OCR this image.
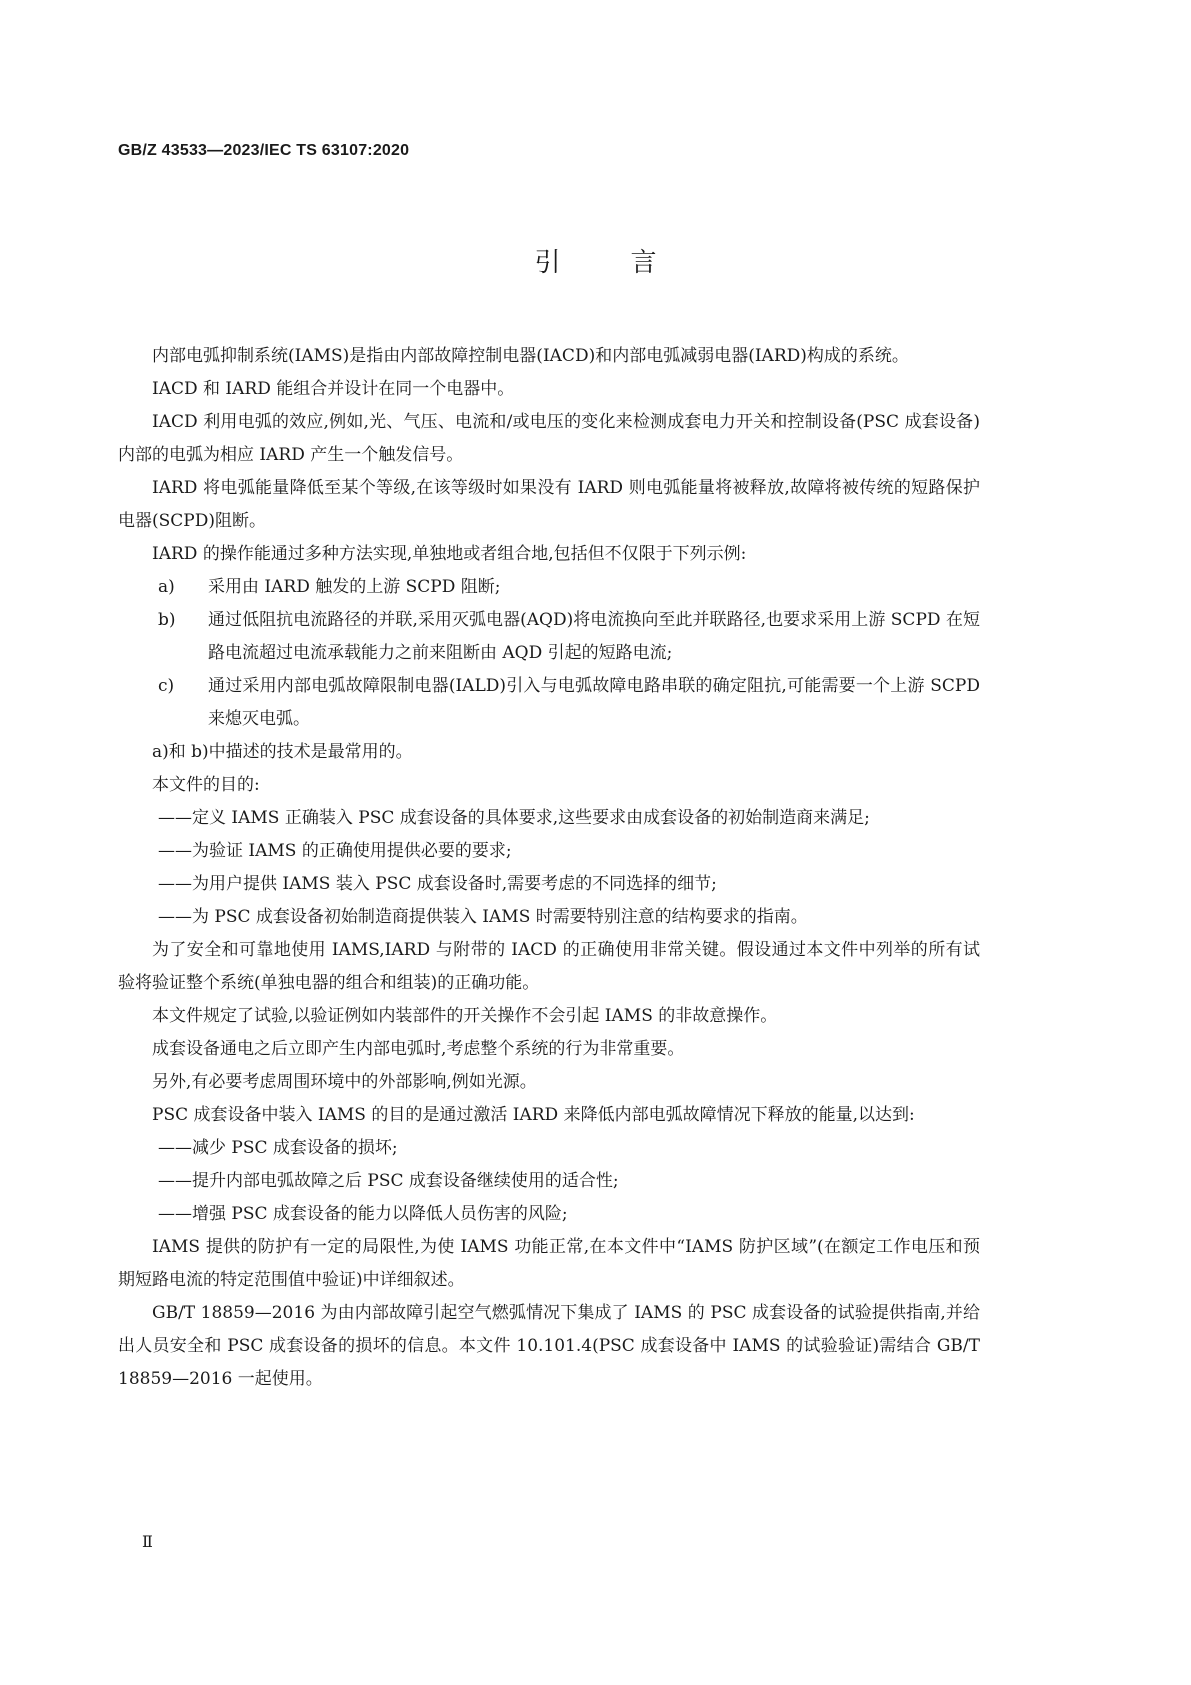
GB/Z 43533—2023/IEC TS 63107:2020
引言

内部电弧抑制系统(IAMS)是指由内部故障控制电器(IACD)和内部电弧减弱电器(IARD)构成的系统。

IACD 和 IARD 能组合并设计在同一个电器中。

IACD 利用电弧的效应,例如,光、气压、电流和/或电压的变化来检测成套电力开关和控制设备(PSC 成套设备)内部的电弧为相应 IARD 产生一个触发信号。

IARD 将电弧能量降低至某个等级,在该等级时如果没有 IARD 则电弧能量将被释放,故障将被传统的短路保护电器(SCPD)阻断。

IARD 的操作能通过多种方法实现,单独地或者组合地,包括但不仅限于下列示例:

a)	采用由 IARD 触发的上游 SCPD 阻断;
b)	通过低阻抗电流路径的并联,采用灭弧电器(AQD)将电流换向至此并联路径,也要求采用上游 SCPD 在短路电流超过电流承载能力之前来阻断由 AQD 引起的短路电流;
c)	通过采用内部电弧故障限制电器(IALD)引入与电弧故障电路串联的确定阻抗,可能需要一个上游 SCPD 来熄灭电弧。

a)和 b)中描述的技术是最常用的。

本文件的目的:

——定义 IAMS 正确装入 PSC 成套设备的具体要求,这些要求由成套设备的初始制造商来满足;

——为验证 IAMS 的正确使用提供必要的要求;

——为用户提供 IAMS 装入 PSC 成套设备时,需要考虑的不同选择的细节;

——为 PSC 成套设备初始制造商提供装入 IAMS 时需要特别注意的结构要求的指南。

为了安全和可靠地使用 IAMS,IARD 与附带的 IACD 的正确使用非常关键。假设通过本文件中列举的所有试验将验证整个系统(单独电器的组合和组装)的正确功能。

本文件规定了试验,以验证例如内装部件的开关操作不会引起 IAMS 的非故意操作。

成套设备通电之后立即产生内部电弧时,考虑整个系统的行为非常重要。

另外,有必要考虑周围环境中的外部影响,例如光源。

PSC 成套设备中装入 IAMS 的目的是通过激活 IARD 来降低内部电弧故障情况下释放的能量,以达到:

——减少 PSC 成套设备的损坏;

——提升内部电弧故障之后 PSC 成套设备继续使用的适合性;

——增强 PSC 成套设备的能力以降低人员伤害的风险;

IAMS 提供的防护有一定的局限性,为使 IAMS 功能正常,在本文件中“IAMS 防护区域”(在额定工作电压和预期短路电流的特定范围值中验证)中详细叙述。

GB/T 18859—2016 为由内部故障引起空气燃弧情况下集成了 IAMS 的 PSC 成套设备的试验提供指南,并给出人员安全和 PSC 成套设备的损坏的信息。本文件 10.101.4(PSC 成套设备中 IAMS 的试验验证)需结合 GB/T 18859—2016 一起使用。

Ⅱ
